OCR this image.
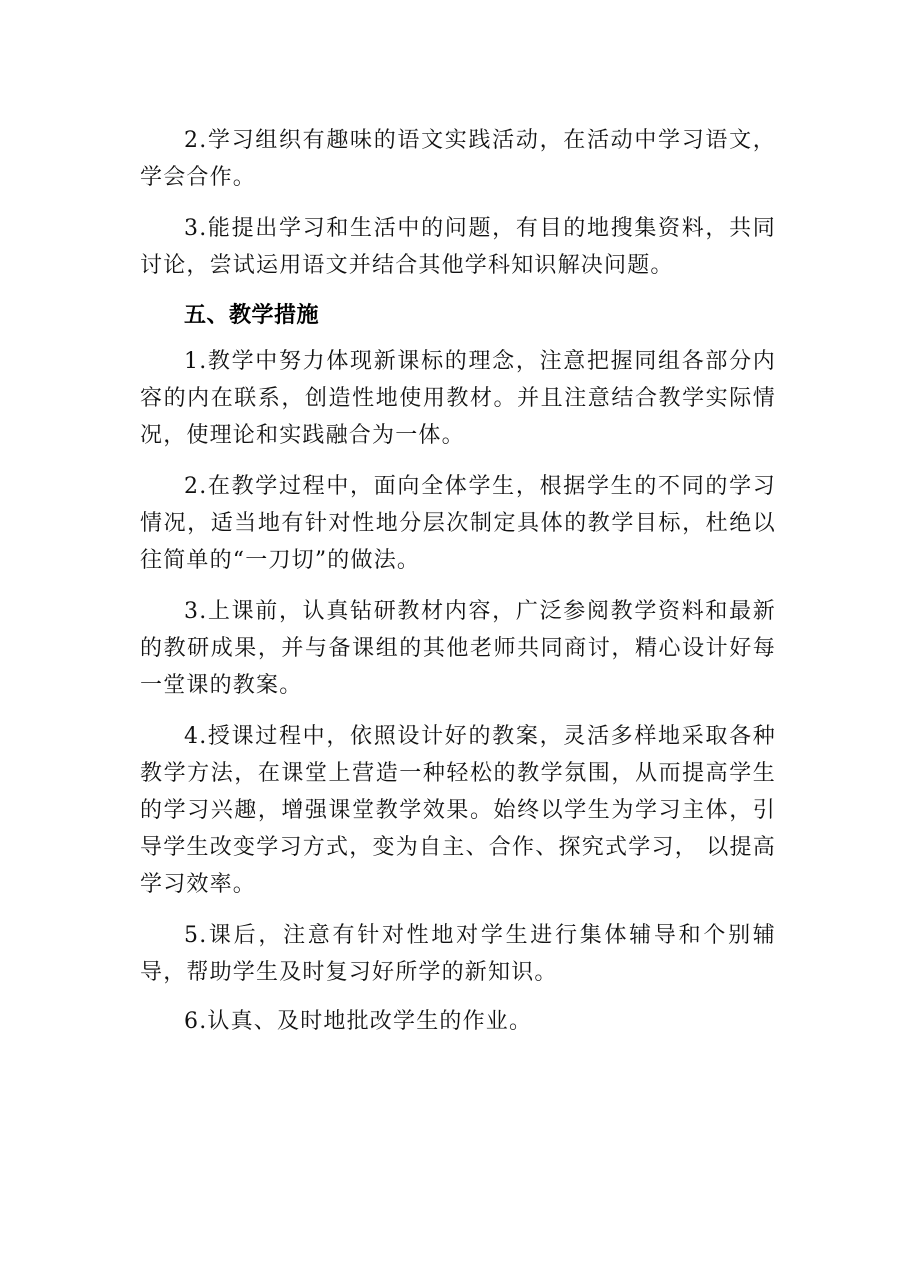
2.学习组织有趣味的语文实践活动，在活动中学习语文，学会合作。

3.能提出学习和生活中的问题，有目的地搜集资料，共同讨论，尝试运用语文并结合其他学科知识解决问题。

五、教学措施

1.教学中努力体现新课标的理念，注意把握同组各部分内容的内在联系，创造性地使用教材。并且注意结合教学实际情况，使理论和实践融合为一体。

2.在教学过程中，面向全体学生，根据学生的不同的学习情况，适当地有针对性地分层次制定具体的教学目标，杜绝以往简单的“一刀切”的做法。

3.上课前，认真钻研教材内容，广泛参阅教学资料和最新的教研成果，并与备课组的其他老师共同商讨，精心设计好每一堂课的教案。

4.授课过程中，依照设计好的教案，灵活多样地采取各种教学方法，在课堂上营造一种轻松的教学氛围，从而提高学生的学习兴趣，增强课堂教学效果。始终以学生为学习主体，引导学生改变学习方式，变为自主、合作、探究式学习， 以提高学习效率。

5.课后，注意有针对性地对学生进行集体辅导和个别辅导，帮助学生及时复习好所学的新知识。

6.认真、及时地批改学生的作业。
